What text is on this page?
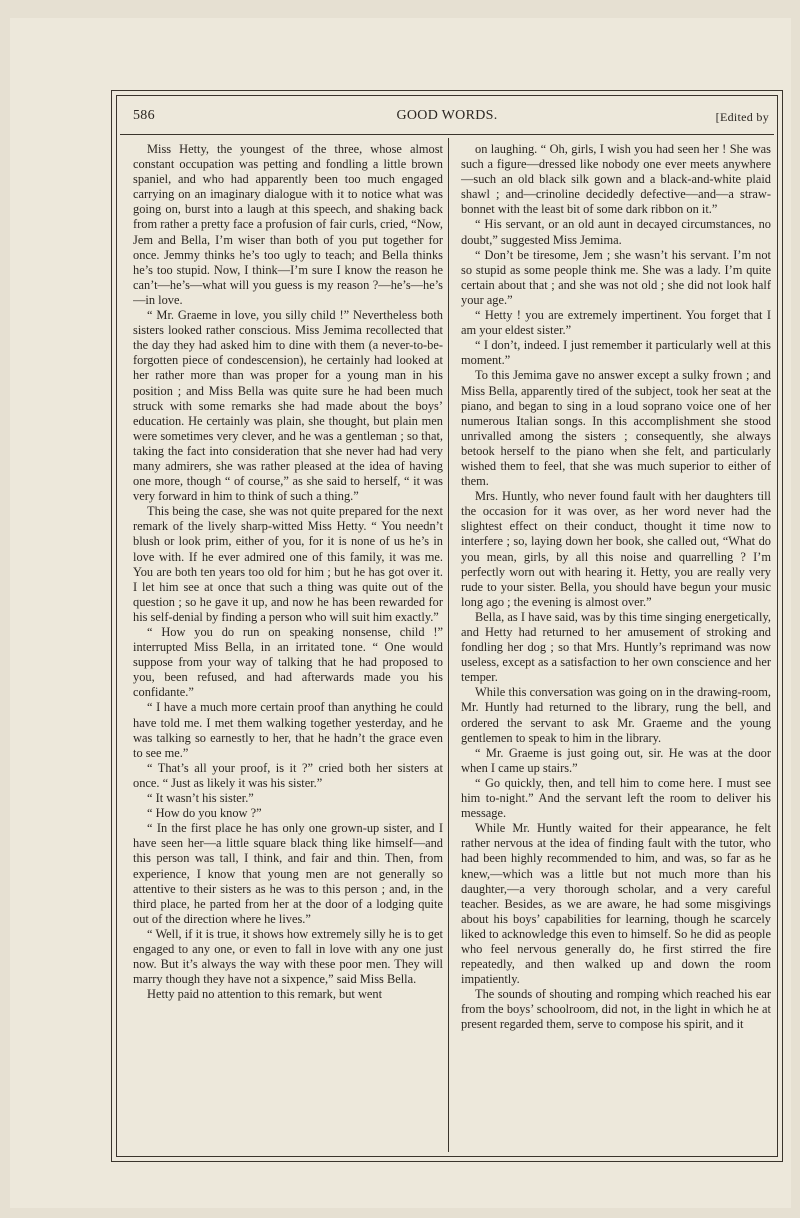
586	GOOD WORDS.	[Edited by

Miss Hetty, the youngest of the three, whose almost constant occupation was petting and fondling a little brown spaniel, and who had apparently been too much engaged carrying on an imaginary dialogue with it to notice what was going on, burst into a laugh at this speech, and shaking back from rather a pretty face a profusion of fair curls, cried, “Now, Jem and Bella, I’m wiser than both of you put together for once. Jemmy thinks he’s too ugly to teach; and Bella thinks he’s too stupid. Now, I think—I’m sure I know the reason he can’t—he’s—what will you guess is my reason ?—he’s—he’s—in love.

“ Mr. Graeme in love, you silly child !” Nevertheless both sisters looked rather conscious. Miss Jemima recollected that the day they had asked him to dine with them (a never-to-be-forgotten piece of condescension), he certainly had looked at her rather more than was proper for a young man in his position ; and Miss Bella was quite sure he had been much struck with some remarks she had made about the boys’ education. He certainly was plain, she thought, but plain men were sometimes very clever, and he was a gentleman ; so that, taking the fact into consideration that she never had had very many admirers, she was rather pleased at the idea of having one more, though “ of course,” as she said to herself, “ it was very forward in him to think of such a thing.”

This being the case, she was not quite prepared for the next remark of the lively sharp-witted Miss Hetty. “ You needn’t blush or look prim, either of you, for it is none of us he’s in love with. If he ever admired one of this family, it was me. You are both ten years too old for him ; but he has got over it. I let him see at once that such a thing was quite out of the question ; so he gave it up, and now he has been rewarded for his self-denial by finding a person who will suit him exactly.”

“ How you do run on speaking nonsense, child !” interrupted Miss Bella, in an irritated tone. “ One would suppose from your way of talking that he had proposed to you, been refused, and had afterwards made you his confidante.”

“ I have a much more certain proof than anything he could have told me. I met them walking together yesterday, and he was talking so earnestly to her, that he hadn’t the grace even to see me.”

“ That’s all your proof, is it ?” cried both her sisters at once. “ Just as likely it was his sister.”

“ It wasn’t his sister.”

“ How do you know ?”

“ In the first place he has only one grown-up sister, and I have seen her—a little square black thing like himself—and this person was tall, I think, and fair and thin. Then, from experience, I know that young men are not generally so attentive to their sisters as he was to this person ; and, in the third place, he parted from her at the door of a lodging quite out of the direction where he lives.”

“ Well, if it is true, it shows how extremely silly he is to get engaged to any one, or even to fall in love with any one just now. But it’s always the way with these poor men. They will marry though they have not a sixpence,” said Miss Bella.

Hetty paid no attention to this remark, but went

on laughing. “ Oh, girls, I wish you had seen her ! She was such a figure—dressed like nobody one ever meets anywhere—such an old black silk gown and a black-and-white plaid shawl ; and—crinoline decidedly defective—and—a straw-bonnet with the least bit of some dark ribbon on it.”

“ His servant, or an old aunt in decayed circumstances, no doubt,” suggested Miss Jemima.

“ Don’t be tiresome, Jem ; she wasn’t his servant. I’m not so stupid as some people think me. She was a lady. I’m quite certain about that ; and she was not old ; she did not look half your age.”

“ Hetty ! you are extremely impertinent. You forget that I am your eldest sister.”

“ I don’t, indeed. I just remember it particularly well at this moment.”

To this Jemima gave no answer except a sulky frown ; and Miss Bella, apparently tired of the subject, took her seat at the piano, and began to sing in a loud soprano voice one of her numerous Italian songs. In this accomplishment she stood unrivalled among the sisters ; consequently, she always betook herself to the piano when she felt, and particularly wished them to feel, that she was much superior to either of them.

Mrs. Huntly, who never found fault with her daughters till the occasion for it was over, as her word never had the slightest effect on their conduct, thought it time now to interfere ; so, laying down her book, she called out, “What do you mean, girls, by all this noise and quarrelling ? I’m perfectly worn out with hearing it. Hetty, you are really very rude to your sister. Bella, you should have begun your music long ago ; the evening is almost over.”

Bella, as I have said, was by this time singing energetically, and Hetty had returned to her amusement of stroking and fondling her dog ; so that Mrs. Huntly’s reprimand was now useless, except as a satisfaction to her own conscience and her temper.

While this conversation was going on in the drawing-room, Mr. Huntly had returned to the library, rung the bell, and ordered the servant to ask Mr. Graeme and the young gentlemen to speak to him in the library.

“ Mr. Graeme is just going out, sir. He was at the door when I came up stairs.”

“ Go quickly, then, and tell him to come here. I must see him to-night.” And the servant left the room to deliver his message.

While Mr. Huntly waited for their appearance, he felt rather nervous at the idea of finding fault with the tutor, who had been highly recommended to him, and was, so far as he knew,—which was a little but not much more than his daughter,—a very thorough scholar, and a very careful teacher. Besides, as we are aware, he had some misgivings about his boys’ capabilities for learning, though he scarcely liked to acknowledge this even to himself. So he did as people who feel nervous generally do, he first stirred the fire repeatedly, and then walked up and down the room impatiently.

The sounds of shouting and romping which reached his ear from the boys’ schoolroom, did not, in the light in which he at present regarded them, serve to compose his spirit, and it
